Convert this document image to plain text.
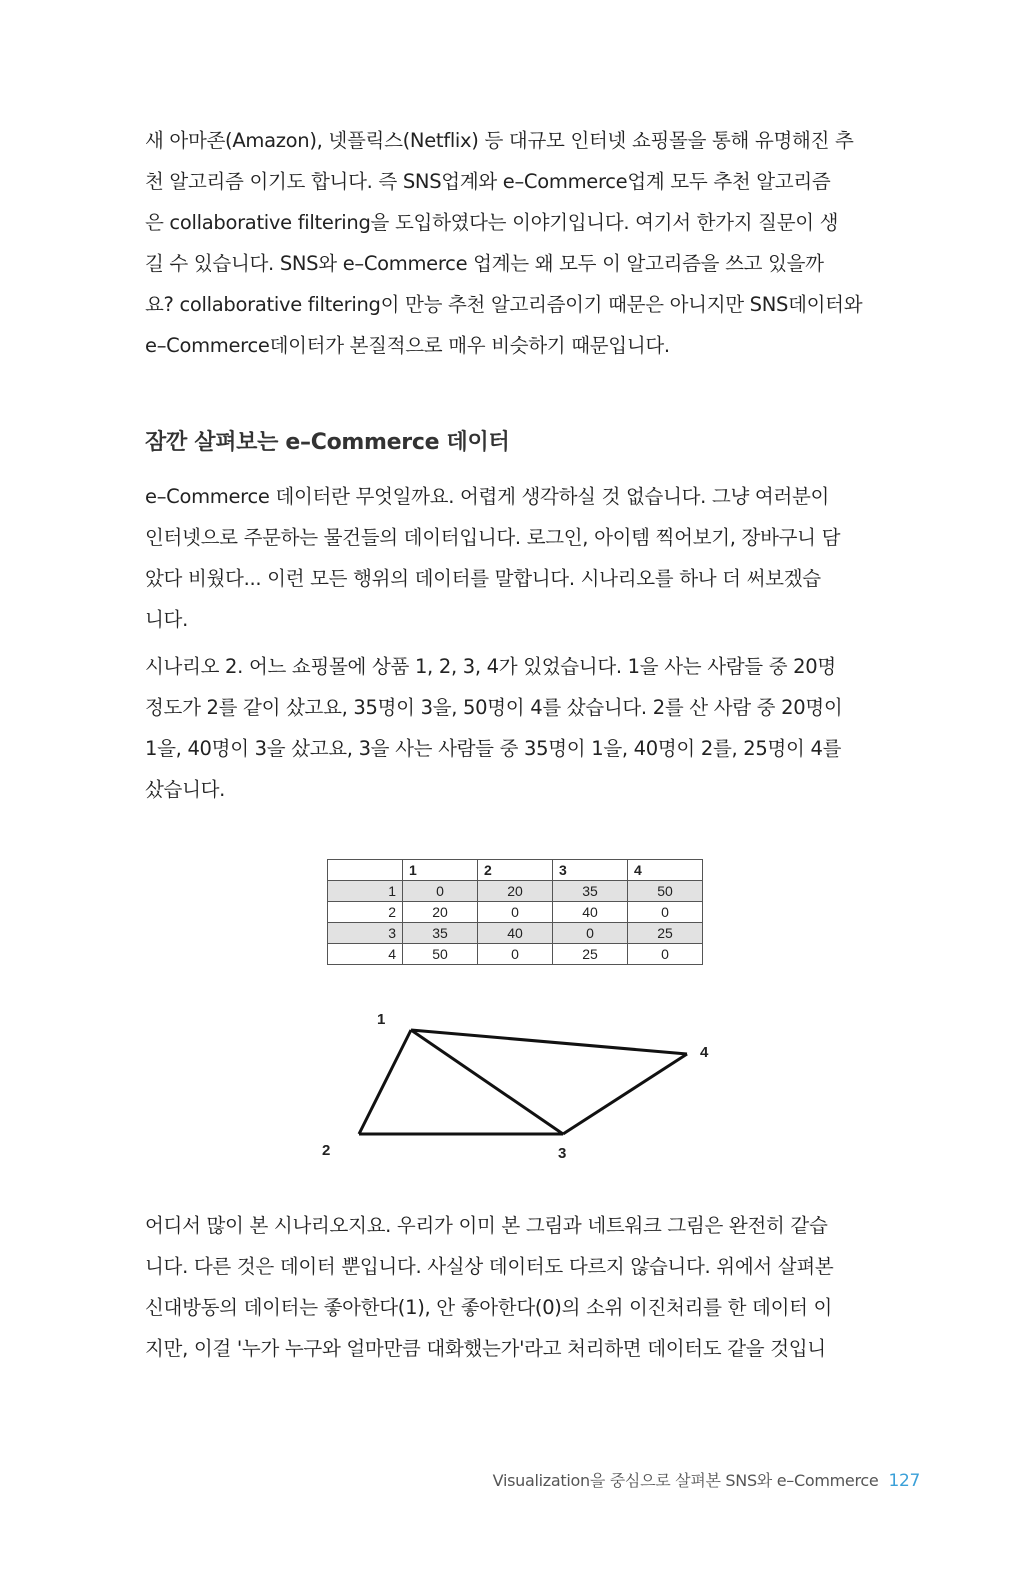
새 아마존(Amazon), 넷플릭스(Netflix) 등 대규모 인터넷 쇼핑몰을 통해 유명해진 추
천 알고리즘 이기도 합니다. 즉 SNS업계와 e–Commerce업계 모두 추천 알고리즘
은 collaborative filtering을 도입하였다는 이야기입니다. 여기서 한가지 질문이 생
길 수 있습니다. SNS와 e–Commerce 업계는 왜 모두 이 알고리즘을 쓰고 있을까
요? collaborative filtering이 만능 추천 알고리즘이기 때문은 아니지만 SNS데이터와
e–Commerce데이터가 본질적으로 매우 비슷하기 때문입니다.

잠깐 살펴보는 e–Commerce 데이터

e–Commerce 데이터란 무엇일까요. 어렵게 생각하실 것 없습니다. 그냥 여러분이
인터넷으로 주문하는 물건들의 데이터입니다. 로그인, 아이템 찍어보기, 장바구니 담
았다 비웠다... 이런 모든 행위의 데이터를 말합니다. 시나리오를 하나 더 써보겠습
니다.

시나리오 2. 어느 쇼핑몰에 상품 1, 2, 3, 4가 있었습니다. 1을 사는 사람들 중 20명
정도가 2를 같이 샀고요, 35명이 3을, 50명이 4를 샀습니다. 2를 산 사람 중 20명이
1을, 40명이 3을 샀고요, 3을 사는 사람들 중 35명이 1을, 40명이 2를, 25명이 4를
샀습니다.

	1	2	3	4
1	0	20	35	50
2	20	0	40	0
3	35	40	0	25
4	50	0	25	0
1
2	3
4

어디서 많이 본 시나리오지요. 우리가 이미 본 그림과 네트워크 그림은 완전히 같습
니다. 다른 것은 데이터 뿐입니다. 사실상 데이터도 다르지 않습니다. 위에서 살펴본
신대방동의 데이터는 좋아한다(1), 안 좋아한다(0)의 소위 이진처리를 한 데이터 이
지만, 이걸 '누가 누구와 얼마만큼 대화했는가'라고 처리하면 데이터도 같을 것입니

Visualization을 중심으로 살펴본 SNS와 e–Commerce 127
